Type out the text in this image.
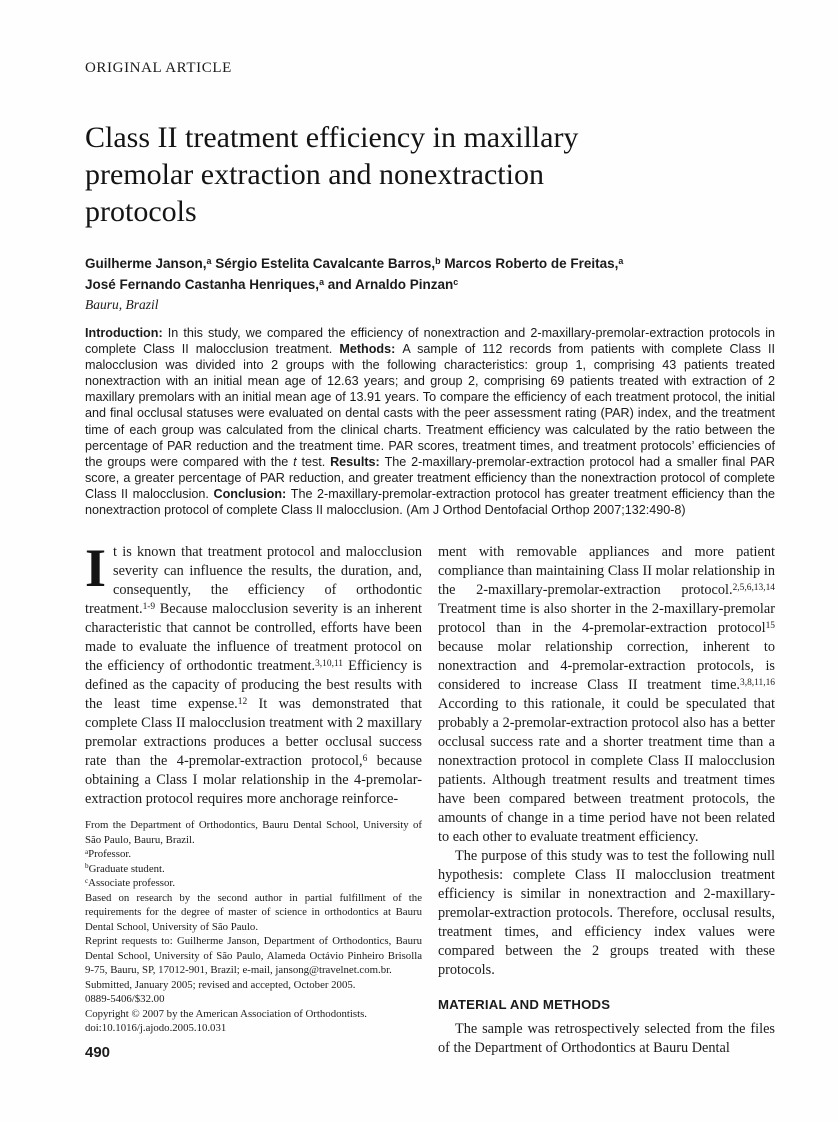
ORIGINAL ARTICLE
Class II treatment efficiency in maxillary
premolar extraction and nonextraction
protocols
Guilherme Janson,$^a$ Sérgio Estelita Cavalcante Barros,$^b$ Marcos Roberto de Freitas,$^a$
José Fernando Castanha Henriques,$^a$ and Arnaldo Pinzan$^c$
Bauru, Brazil

Introduction: In this study, we compared the efficiency of nonextraction and 2-maxillary-premolar-extraction protocols in complete Class II malocclusion treatment. Methods: A sample of 112 records from patients with complete Class II malocclusion was divided into 2 groups with the following characteristics: group 1, comprising 43 patients treated nonextraction with an initial mean age of 12.63 years; and group 2, comprising 69 patients treated with extraction of 2 maxillary premolars with an initial mean age of 13.91 years. To compare the efficiency of each treatment protocol, the initial and final occlusal statuses were evaluated on dental casts with the peer assessment rating (PAR) index, and the treatment time of each group was calculated from the clinical charts. Treatment efficiency was calculated by the ratio between the percentage of PAR reduction and the treatment time. PAR scores, treatment times, and treatment protocols’ efficiencies of the groups were compared with the t test. Results: The 2-maxillary-premolar-extraction protocol had a smaller final PAR score, a greater percentage of PAR reduction, and greater treatment efficiency than the nonextraction protocol of complete Class II malocclusion. Conclusion: The 2-maxillary-premolar-extraction protocol has greater treatment efficiency than the nonextraction protocol of complete Class II malocclusion. (Am J Orthod Dentofacial Orthop 2007;132:490-8)

It is known that treatment protocol and malocclusion severity can influence the results, the duration, and, consequently, the efficiency of orthodontic treatment.$^{1-9}$ Because malocclusion severity is an inherent characteristic that cannot be controlled, efforts have been made to evaluate the influence of treatment protocol on the efficiency of orthodontic treatment.$^{3,10,11}$ Efficiency is defined as the capacity of producing the best results with the least time expense.$^{12}$ It was demonstrated that complete Class II malocclusion treatment with 2 maxillary premolar extractions produces a better occlusal success rate than the 4-premolar-extraction protocol,$^6$ because obtaining a Class I molar relationship in the 4-premolar-extraction protocol requires more anchorage reinforce-

From the Department of Orthodontics, Bauru Dental School, University of São Paulo, Bauru, Brazil.

$^a$Professor.

$^b$Graduate student.

$^c$Associate professor.

Based on research by the second author in partial fulfillment of the requirements for the degree of master of science in orthodontics at Bauru Dental School, University of São Paulo.

Reprint requests to: Guilherme Janson, Department of Orthodontics, Bauru Dental School, University of São Paulo, Alameda Octávio Pinheiro Brisolla 9-75, Bauru, SP, 17012-901, Brazil; e-mail, jansong@travelnet.com.br.

Submitted, January 2005; revised and accepted, October 2005.

0889-5406/$32.00

Copyright © 2007 by the American Association of Orthodontists.

doi:10.1016/j.ajodo.2005.10.031

ment with removable appliances and more patient compliance than maintaining Class II molar relationship in the 2-maxillary-premolar-extraction protocol.$^{2,5,6,13,14}$ Treatment time is also shorter in the 2-maxillary-premolar protocol than in the 4-premolar-extraction protocol$^{15}$ because molar relationship correction, inherent to nonextraction and 4-premolar-extraction protocols, is considered to increase Class II treatment time.$^{3,8,11,16}$ According to this rationale, it could be speculated that probably a 2-premolar-extraction protocol also has a better occlusal success rate and a shorter treatment time than a nonextraction protocol in complete Class II malocclusion patients. Although treatment results and treatment times have been compared between treatment protocols, the amounts of change in a time period have not been related to each other to evaluate treatment efficiency.

The purpose of this study was to test the following null hypothesis: complete Class II malocclusion treatment efficiency is similar in nonextraction and 2-maxillary-premolar-extraction protocols. Therefore, occlusal results, treatment times, and efficiency index values were compared between the 2 groups treated with these protocols.

MATERIAL AND METHODS

The sample was retrospectively selected from the files of the Department of Orthodontics at Bauru Dental

490
